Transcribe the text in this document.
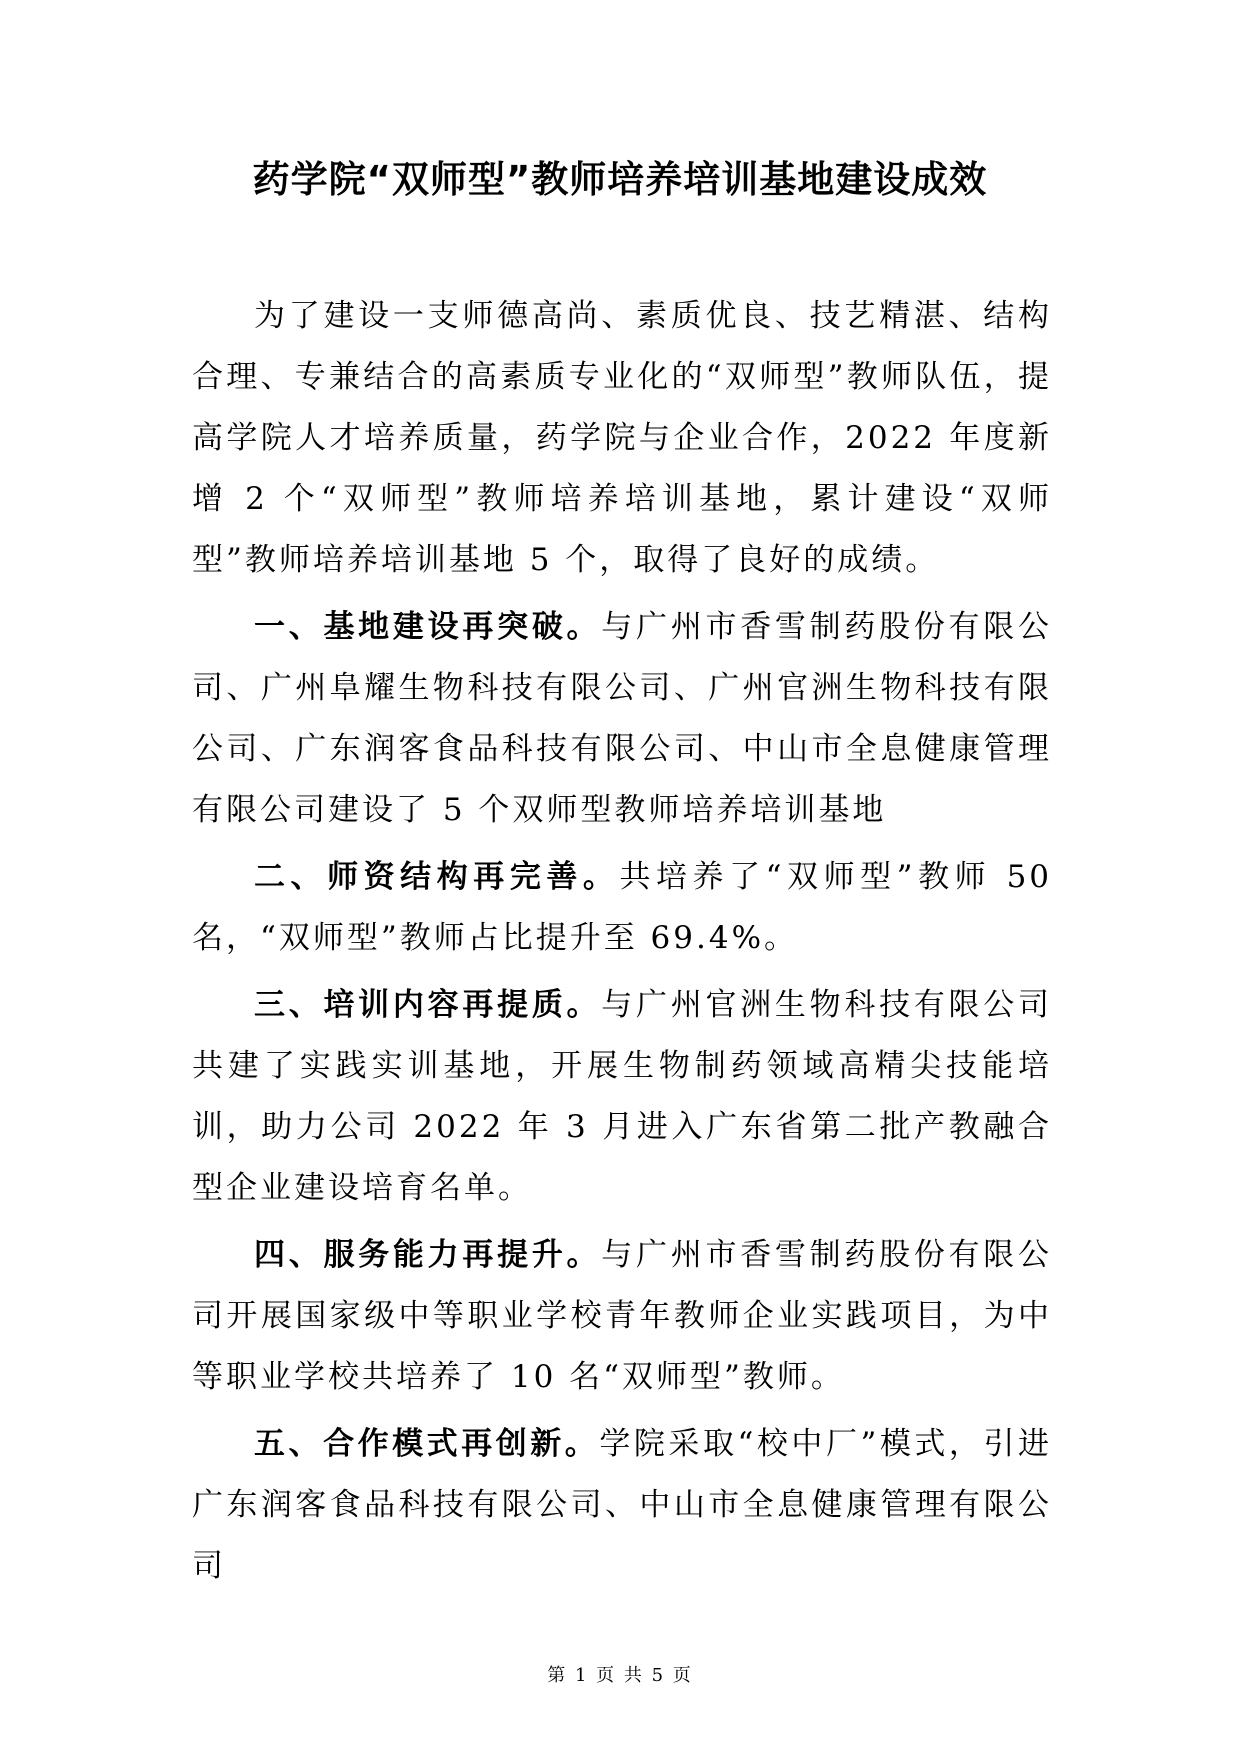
药学院“双师型”教师培养培训基地建设成效

为了建设一支师德高尚、素质优良、技艺精湛、结构合理、专兼结合的高素质专业化的“双师型”教师队伍，提高学院人才培养质量，药学院与企业合作，2022 年度新增 2 个“双师型”教师培养培训基地，累计建设“双师型”教师培养培训基地 5 个，取得了良好的成绩。

一、基地建设再突破。与广州市香雪制药股份有限公司、广州阜耀生物科技有限公司、广州官洲生物科技有限公司、广东润客食品科技有限公司、中山市全息健康管理有限公司建设了 5 个双师型教师培养培训基地

二、师资结构再完善。共培养了“双师型”教师 50 名，“双师型”教师占比提升至 69.4%。

三、培训内容再提质。与广州官洲生物科技有限公司共建了实践实训基地，开展生物制药领域高精尖技能培训，助力公司 2022 年 3 月进入广东省第二批产教融合型企业建设培育名单。

四、服务能力再提升。与广州市香雪制药股份有限公司开展国家级中等职业学校青年教师企业实践项目，为中等职业学校共培养了 10 名“双师型”教师。

五、合作模式再创新。学院采取“校中厂”模式，引进广东润客食品科技有限公司、中山市全息健康管理有限公司

第 1 页 共 5 页
